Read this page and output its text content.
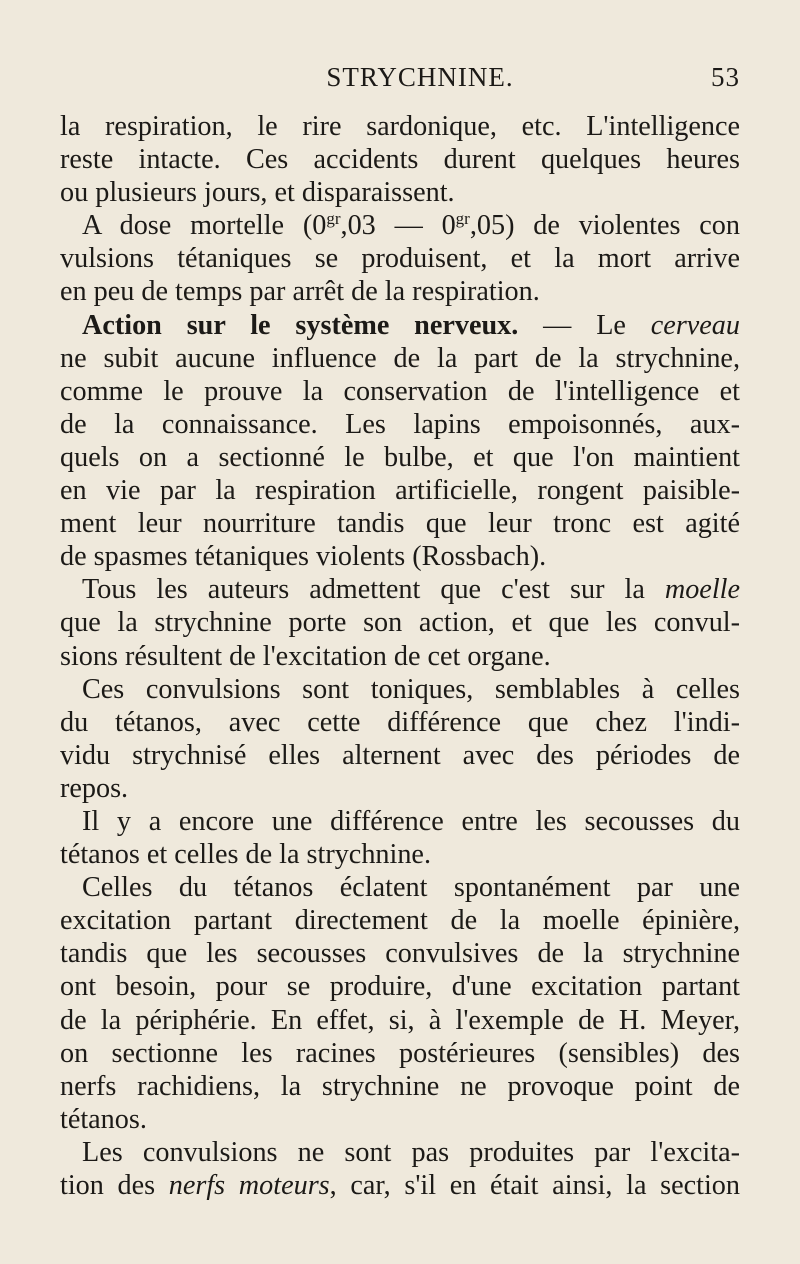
STRYCHNINE.	53
la respiration, le rire sardonique, etc. L'intelligence
reste intacte. Ces accidents durent quelques heures
ou plusieurs jours, et disparaissent.
A dose mortelle ($0^{gr},03$ — $0^{gr},05$) de violentes con
vulsions tétaniques se produisent, et la mort arrive
en peu de temps par arrêt de la respiration.
Action sur le système nerveux. — Le cerveau
ne subit aucune influence de la part de la strychnine,
comme le prouve la conservation de l'intelligence et
de la connaissance. Les lapins empoisonnés, aux-
quels on a sectionné le bulbe, et que l'on maintient
en vie par la respiration artificielle, rongent paisible-
ment leur nourriture tandis que leur tronc est agité
de spasmes tétaniques violents (Rossbach).
Tous les auteurs admettent que c'est sur la moelle
que la strychnine porte son action, et que les convul-
sions résultent de l'excitation de cet organe.
Ces convulsions sont toniques, semblables à celles
du tétanos, avec cette différence que chez l'indi-
vidu strychnisé elles alternent avec des périodes de
repos.
Il y a encore une différence entre les secousses du
tétanos et celles de la strychnine.
Celles du tétanos éclatent spontanément par une
excitation partant directement de la moelle épinière,
tandis que les secousses convulsives de la strychnine
ont besoin, pour se produire, d'une excitation partant
de la périphérie. En effet, si, à l'exemple de H. Meyer,
on sectionne les racines postérieures (sensibles) des
nerfs rachidiens, la strychnine ne provoque point de
tétanos.
Les convulsions ne sont pas produites par l'excita-
tion des nerfs moteurs, car, s'il en était ainsi, la section
